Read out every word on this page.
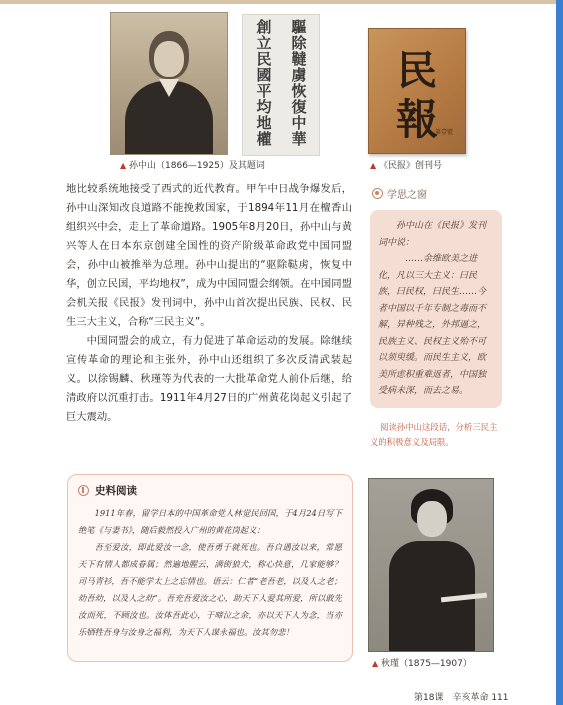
驅除韃虜恢復中華
創立民國平均地權
▲ 孙中山（1866—1925）及其题词
民
報
第壹號
▲ 《民报》创刊号

地比较系统地接受了西式的近代教育。甲午中日战争爆发后，孙中山深知改良道路不能挽救国家，于1894年11月在檀香山组织兴中会，走上了革命道路。1905年8月20日，孙中山与黄兴等人在日本东京创建全国性的资产阶级革命政党中国同盟会，孙中山被推举为总理。孙中山提出的“驱除鞑虏，恢复中华，创立民国，平均地权”，成为中国同盟会纲领。在中国同盟会机关报《民报》发刊词中，孙中山首次提出民族、民权、民生三大主义，合称“三民主义”。

中国同盟会的成立，有力促进了革命运动的发展。除继续宣传革命的理论和主张外，孙中山还组织了多次反清武装起义。以徐锡麟、秋瑾等为代表的一大批革命党人前仆后继，给清政府以沉重打击。1911年4月27日的广州黄花岗起义引起了巨大震动。

学思之窗
孙中山在《民报》发刊词中说：
……余维欧美之进化，凡以三大主义：曰民族，曰民权，曰民生……今者中国以千年专制之毒而不解，异种残之，外邦逼之，民族主义、民权主义殆不可以须臾缓。而民生主义，欧美所虑积重难返者，中国独受病未深，而去之易。
阅读孙中山这段话，分析三民主义的积极意义及局限。
史料阅读

1911年春，留学日本的中国革命党人林觉民回国，于4月24日写下绝笔《与妻书》，随后毅然投入广州的黄花岗起义：

吾至爱汝，即此爱汝一念，使吾勇于就死也。吾自遇汝以来，常愿天下有情人都成眷属；然遍地腥云，满街狼犬，称心快意，几家能够？司马青衫，吾不能学太上之忘情也。语云：仁者“老吾老，以及人之老；幼吾幼，以及人之幼”。吾充吾爱汝之心，助天下人爱其所爱，所以敢先汝而死，不顾汝也。汝体吾此心，于啼泣之余，亦以天下人为念，当亦乐牺牲吾身与汝身之福利，为天下人谋永福也。汝其勿悲！

▲ 秋瑾（1875—1907）
第18课　辛亥革命 111
